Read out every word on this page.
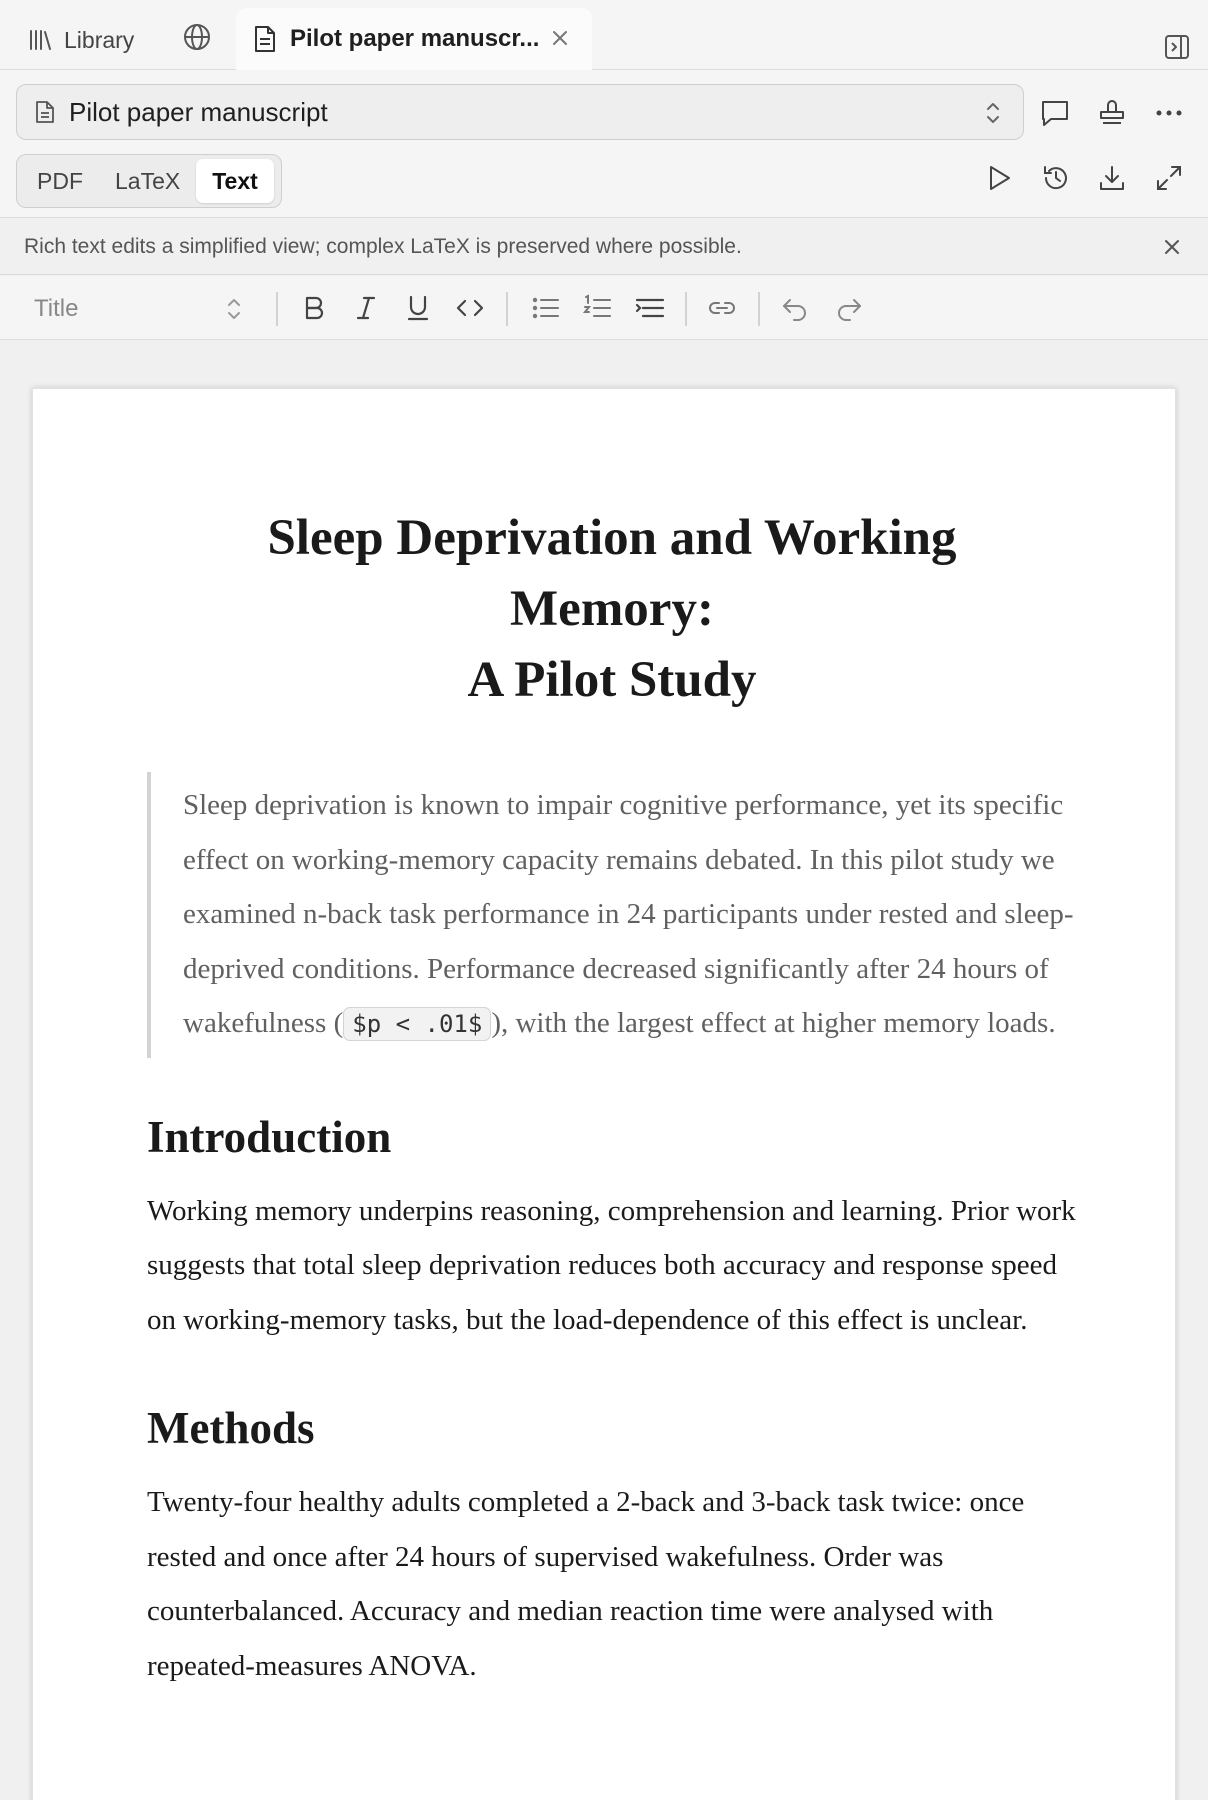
Library	Pilot paper manuscr...
Pilot paper manuscript
PDF	LaTeX	Text
Rich text edits a simplified view; complex LaTeX is preserved where possible.
Title
Sleep Deprivation and Working
Memory:
A Pilot Study
Sleep deprivation is known to impair cognitive performance, yet its specific effect on working-memory capacity remains debated. In this pilot study we examined n-back task performance in 24 participants under rested and sleep-deprived conditions. Performance decreased significantly after 24 hours of wakefulness ( $p < .01$ ), with the largest effect at higher memory loads.
Introduction

Working memory underpins reasoning, comprehension and learning. Prior work suggests that total sleep deprivation reduces both accuracy and response speed on working-memory tasks, but the load-dependence of this effect is unclear.

Methods

Twenty-four healthy adults completed a 2-back and 3-back task twice: once rested and once after 24 hours of supervised wakefulness. Order was counterbalanced. Accuracy and median reaction time were analysed with repeated-measures ANOVA.
